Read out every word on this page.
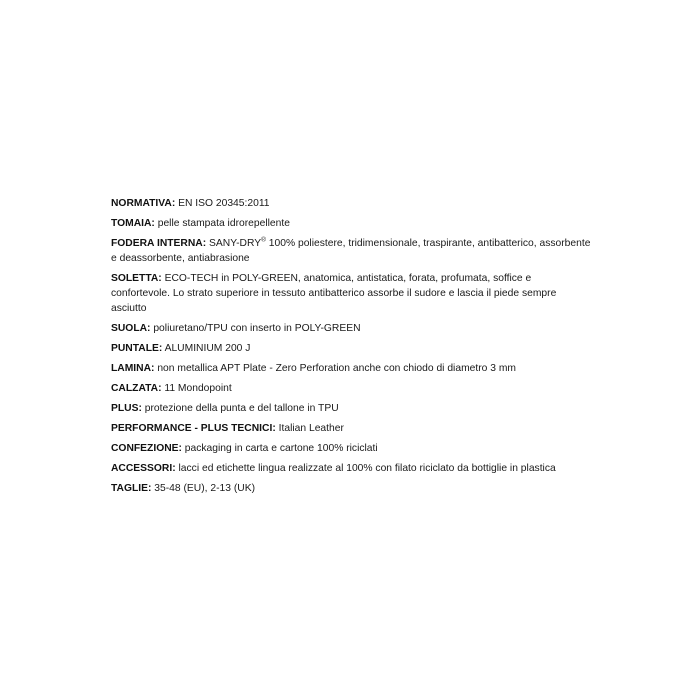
NORMATIVA: EN ISO 20345:2011
TOMAIA: pelle stampata idrorepellente
FODERA INTERNA: SANY-DRY® 100% poliestere, tridimensionale, traspirante, antibatterico, assorbente e deassorbente, antiabrasione
SOLETTA: ECO-TECH in POLY-GREEN, anatomica, antistatica, forata, profumata, soffice e confortevole. Lo strato superiore in tessuto antibatterico assorbe il sudore e lascia il piede sempre asciutto
SUOLA: poliuretano/TPU con inserto in POLY-GREEN
PUNTALE: ALUMINIUM 200 J
LAMINA: non metallica APT Plate - Zero Perforation anche con chiodo di diametro 3 mm
CALZATA: 11 Mondopoint
PLUS: protezione della punta e del tallone in TPU
PERFORMANCE - PLUS TECNICI: Italian Leather
CONFEZIONE: packaging in carta e cartone 100% riciclati
ACCESSORI: lacci ed etichette lingua realizzate al 100% con filato riciclato da bottiglie in plastica
TAGLIE: 35-48 (EU), 2-13 (UK)
